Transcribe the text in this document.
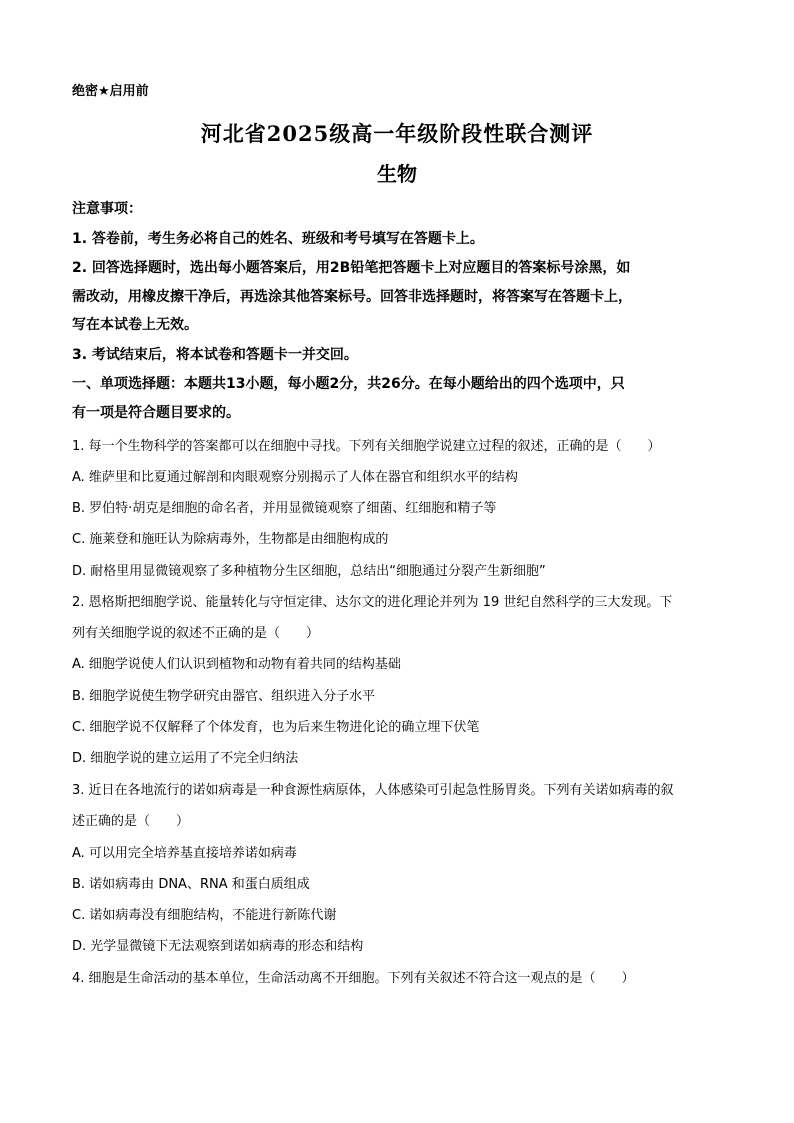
绝密★启用前
河北省2025级高一年级阶段性联合测评
生物
注意事项：
1. 答卷前，考生务必将自己的姓名、班级和考号填写在答题卡上。
2. 回答选择题时，选出每小题答案后，用2B铅笔把答题卡上对应题目的答案标号涂黑，如
需改动，用橡皮擦干净后，再选涂其他答案标号。回答非选择题时，将答案写在答题卡上，
写在本试卷上无效。
3. 考试结束后，将本试卷和答题卡一并交回。
一、单项选择题：本题共13小题，每小题2分，共26分。在每小题给出的四个选项中，只
有一项是符合题目要求的。
1. 每一个生物科学的答案都可以在细胞中寻找。下列有关细胞学说建立过程的叙述，正确的是（　　）
A. 维萨里和比夏通过解剖和肉眼观察分别揭示了人体在器官和组织水平的结构
B. 罗伯特·胡克是细胞的命名者，并用显微镜观察了细菌、红细胞和精子等
C. 施莱登和施旺认为除病毒外，生物都是由细胞构成的
D. 耐格里用显微镜观察了多种植物分生区细胞，总结出“细胞通过分裂产生新细胞”
2. 恩格斯把细胞学说、能量转化与守恒定律、达尔文的进化理论并列为 19 世纪自然科学的三大发现。下
列有关细胞学说的叙述不正确的是（　　）
A. 细胞学说使人们认识到植物和动物有着共同的结构基础
B. 细胞学说使生物学研究由器官、组织进入分子水平
C. 细胞学说不仅解释了个体发育，也为后来生物进化论的确立埋下伏笔
D. 细胞学说的建立运用了不完全归纳法
3. 近日在各地流行的诺如病毒是一种食源性病原体，人体感染可引起急性肠胃炎。下列有关诺如病毒的叙
述正确的是（　　）
A. 可以用完全培养基直接培养诺如病毒
B. 诺如病毒由 DNA、RNA 和蛋白质组成
C. 诺如病毒没有细胞结构，不能进行新陈代谢
D. 光学显微镜下无法观察到诺如病毒的形态和结构
4. 细胞是生命活动的基本单位，生命活动离不开细胞。下列有关叙述不符合这一观点的是（　　）
